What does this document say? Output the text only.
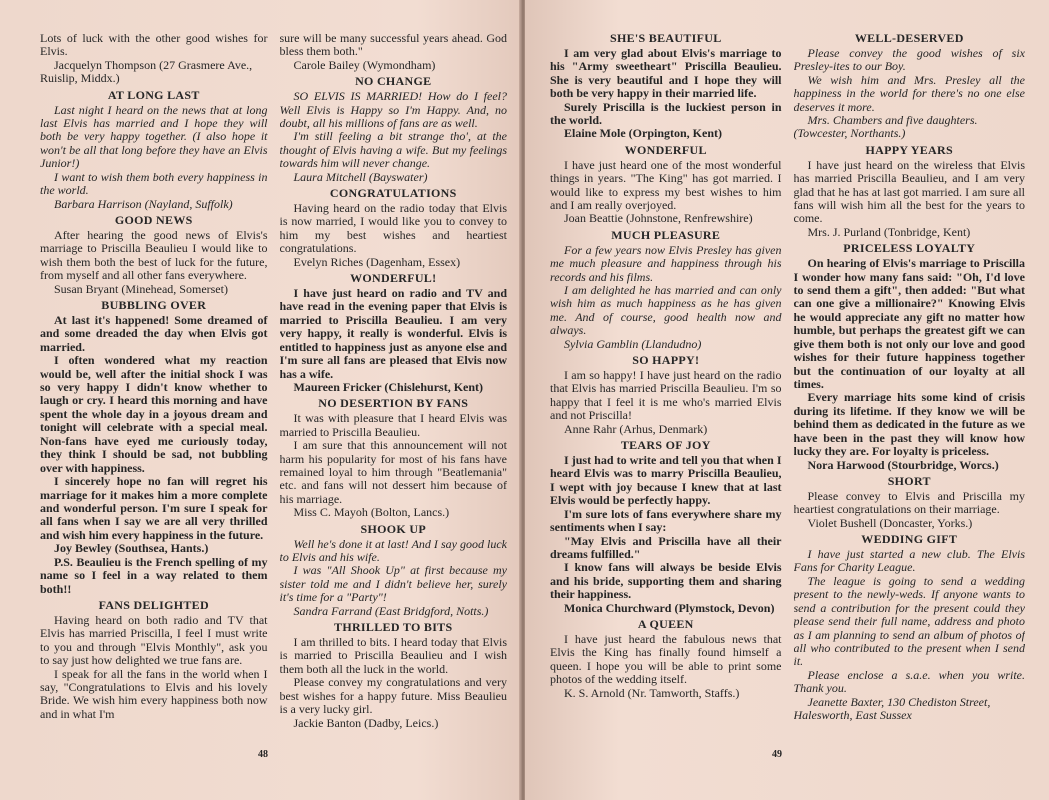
Lots of luck with the other good wishes for Elvis.

Jacquelyn Thompson (27 Grasmere Ave., Ruislip, Middx.)

AT LONG LAST

Last night I heard on the news that at long last Elvis has married and I hope they will both be very happy together. (I also hope it won't be all that long before they have an Elvis Junior!)

I want to wish them both every happiness in the world.

Barbara Harrison (Nayland, Suffolk)

GOOD NEWS

After hearing the good news of Elvis's marriage to Priscilla Beaulieu I would like to wish them both the best of luck for the future, from myself and all other fans everywhere.

Susan Bryant (Minehead, Somerset)

BUBBLING OVER

At last it's happened! Some dreamed of and some dreaded the day when Elvis got married.

I often wondered what my reaction would be, well after the initial shock I was so very happy I didn't know whether to laugh or cry. I heard this morning and have spent the whole day in a joyous dream and tonight will celebrate with a special meal. Non-fans have eyed me curiously today, they think I should be sad, not bubbling over with happiness.

I sincerely hope no fan will regret his marriage for it makes him a more complete and wonderful person. I'm sure I speak for all fans when I say we are all very thrilled and wish him every happiness in the future.

Joy Bewley (Southsea, Hants.)

P.S. Beaulieu is the French spelling of my name so I feel in a way related to them both!!

FANS DELIGHTED

Having heard on both radio and TV that Elvis has married Priscilla, I feel I must write to you and through "Elvis Monthly", ask you to say just how delighted we true fans are.

I speak for all the fans in the world when I say, "Congratulations to Elvis and his lovely Bride. We wish him every happiness both now and in what I'm

sure will be many successful years ahead. God bless them both."

Carole Bailey (Wymondham)

NO CHANGE

SO ELVIS IS MARRIED! How do I feel? Well Elvis is Happy so I'm Happy. And, no doubt, all his millions of fans are as well.

I'm still feeling a bit strange tho', at the thought of Elvis having a wife. But my feelings towards him will never change.

Laura Mitchell (Bayswater)

CONGRATULATIONS

Having heard on the radio today that Elvis is now married, I would like you to convey to him my best wishes and heartiest congratulations.

Evelyn Riches (Dagenham, Essex)

WONDERFUL!

I have just heard on radio and TV and have read in the evening paper that Elvis is married to Priscilla Beaulieu. I am very very happy, it really is wonderful. Elvis is entitled to happiness just as anyone else and I'm sure all fans are pleased that Elvis now has a wife.

Maureen Fricker (Chislehurst, Kent)

NO DESERTION BY FANS

It was with pleasure that I heard Elvis was married to Priscilla Beaulieu.

I am sure that this announcement will not harm his popularity for most of his fans have remained loyal to him through "Beatlemania" etc. and fans will not dessert him because of his marriage.

Miss C. Mayoh (Bolton, Lancs.)

SHOOK UP

Well he's done it at last! And I say good luck to Elvis and his wife.

I was "All Shook Up" at first because my sister told me and I didn't believe her, surely it's time for a "Party"!

Sandra Farrand (East Bridgford, Notts.)

THRILLED TO BITS

I am thrilled to bits. I heard today that Elvis is married to Priscilla Beaulieu and I wish them both all the luck in the world.

Please convey my congratulations and very best wishes for a happy future. Miss Beaulieu is a very lucky girl.

Jackie Banton (Dadby, Leics.)

48
SHE'S BEAUTIFUL

I am very glad about Elvis's marriage to his "Army sweetheart" Priscilla Beaulieu. She is very beautiful and I hope they will both be very happy in their married life.

Surely Priscilla is the luckiest person in the world.

Elaine Mole (Orpington, Kent)

WONDERFUL

I have just heard one of the most wonderful things in years. "The King" has got married. I would like to express my best wishes to him and I am really overjoyed.

Joan Beattie (Johnstone, Renfrewshire)

MUCH PLEASURE

For a few years now Elvis Presley has given me much pleasure and happiness through his records and his films.

I am delighted he has married and can only wish him as much happiness as he has given me. And of course, good health now and always.

Sylvia Gamblin (Llandudno)

SO HAPPY!

I am so happy! I have just heard on the radio that Elvis has married Priscilla Beaulieu. I'm so happy that I feel it is me who's married Elvis and not Priscilla!

Anne Rahr (Arhus, Denmark)

TEARS OF JOY

I just had to write and tell you that when I heard Elvis was to marry Priscilla Beaulieu, I wept with joy because I knew that at last Elvis would be perfectly happy.

I'm sure lots of fans everywhere share my sentiments when I say:

"May Elvis and Priscilla have all their dreams fulfilled."

I know fans will always be beside Elvis and his bride, supporting them and sharing their happiness.

Monica Churchward (Plymstock, Devon)

A QUEEN

I have just heard the fabulous news that Elvis the King has finally found himself a queen. I hope you will be able to print some photos of the wedding itself.

K. S. Arnold (Nr. Tamworth, Staffs.)

WELL-DESERVED

Please convey the good wishes of six Presley-ites to our Boy.

We wish him and Mrs. Presley all the happiness in the world for there's no one else deserves it more.

Mrs. Chambers and five daughters. (Towcester, Northants.)

HAPPY YEARS

I have just heard on the wireless that Elvis has married Priscilla Beaulieu, and I am very glad that he has at last got married. I am sure all fans will wish him all the best for the years to come.

Mrs. J. Purland (Tonbridge, Kent)

PRICELESS LOYALTY

On hearing of Elvis's marriage to Priscilla I wonder how many fans said: "Oh, I'd love to send them a gift", then added: "But what can one give a millionaire?" Knowing Elvis he would appreciate any gift no matter how humble, but perhaps the greatest gift we can give them both is not only our love and good wishes for their future happiness together but the continuation of our loyalty at all times.

Every marriage hits some kind of crisis during its lifetime. If they know we will be behind them as dedicated in the future as we have been in the past they will know how lucky they are. For loyalty is priceless.

Nora Harwood (Stourbridge, Worcs.)

SHORT

Please convey to Elvis and Priscilla my heartiest congratulations on their marriage.

Violet Bushell (Doncaster, Yorks.)

WEDDING GIFT

I have just started a new club. The Elvis Fans for Charity League.

The league is going to send a wedding present to the newly-weds. If anyone wants to send a contribution for the present could they please send their full name, address and photo as I am planning to send an album of photos of all who contributed to the present when I send it.

Please enclose a s.a.e. when you write. Thank you.

Jeanette Baxter, 130 Chediston Street, Halesworth, East Sussex

49
